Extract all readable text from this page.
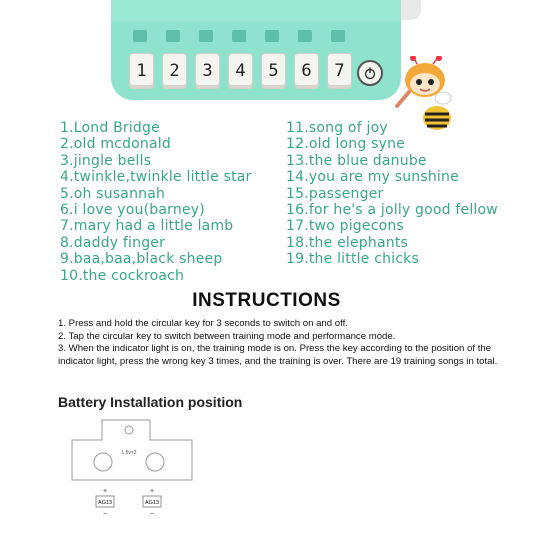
1	2	3	4	5	6	7
1.Lond Bridge
2.old mcdonald
3.jingle bells
4.twinkle,twinkle little star
5.oh susannah
6.i love you(barney)
7.mary had a little lamb
8.daddy finger
9.baa,baa,black sheep
10.the cockroach
11.song of joy
12.old long syne
13.the blue danube
14.you are my sunshine
15.passenger
16.for he's a jolly good fellow
17.two pigecons
18.the elephants
19.the little chicks
INSTRUCTIONS

1. Press and hold the circular key for 3 seconds to switch on and off.

2. Tap the circular key to switch between training mode and performance mode.

3. When the indicator light is on, the training mode is on. Press the key according to the position of the indicator light, press the wrong key 3 times, and the training is over. There are 19 training songs in total.

Battery Installation position
1.5v×2
+
AG13
−
+
AG13
−
